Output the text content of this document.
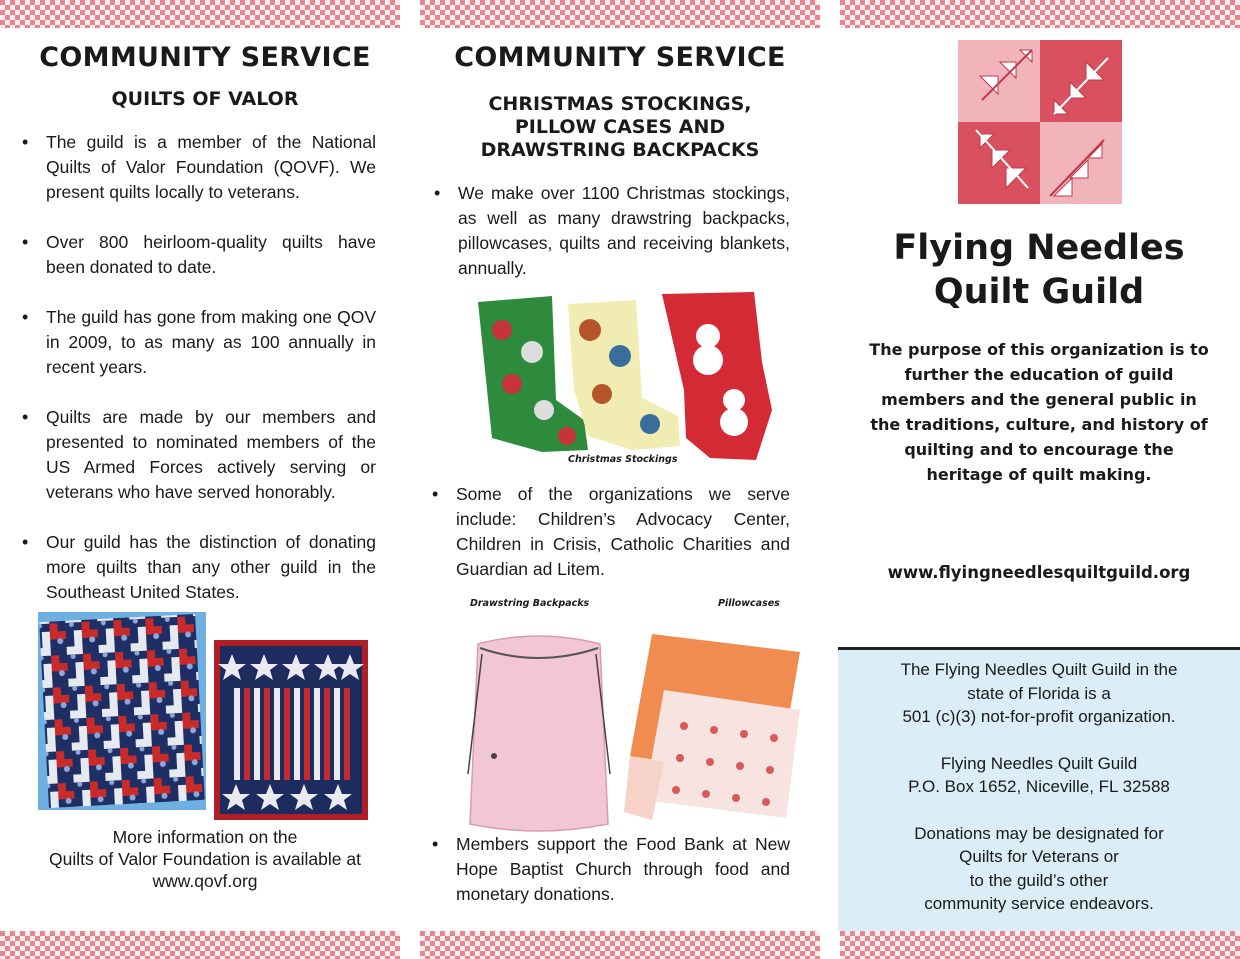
COMMUNITY SERVICE
QUILTS OF VALOR
• The guild is a member of the National Quilts of Valor Foundation (QOVF). We present quilts locally to veterans.
• Over 800 heirloom-quality quilts have been donated to date.
• The guild has gone from making one QOV in 2009, to as many as 100 annually in recent years.
• Quilts are made by our members and presented to nominated members of the US Armed Forces actively serving or veterans who have served honorably.
• Our guild has the distinction of donating more quilts than any other guild in the Southeast United States.
More information on the
Quilts of Valor Foundation is available at
www.qovf.org
COMMUNITY SERVICE
CHRISTMAS STOCKINGS,
PILLOW CASES AND
DRAWSTRING BACKPACKS
• We make over 1100 Christmas stockings, as well as many drawstring backpacks, pillowcases, quilts and receiving blankets, annually.
Christmas Stockings
• Some of the organizations we serve include: Children’s Advocacy Center, Children in Crisis, Catholic Charities and Guardian ad Litem.
Drawstring Backpacks	Pillowcases
• Members support the Food Bank at New Hope Baptist Church through food and monetary donations.
Flying Needles
Quilt Guild

The purpose of this organization is to further the education of guild members and the general public in the traditions, culture, and history of quilting and to encourage the heritage of quilt making.

www.flyingneedlesquiltguild.org

The Flying Needles Quilt Guild in the
state of Florida is a
501 (c)(3) not-for-profit organization.

Flying Needles Quilt Guild
P.O. Box 1652, Niceville, FL 32588

Donations may be designated for
Quilts for Veterans or
to the guild’s other
community service endeavors.
